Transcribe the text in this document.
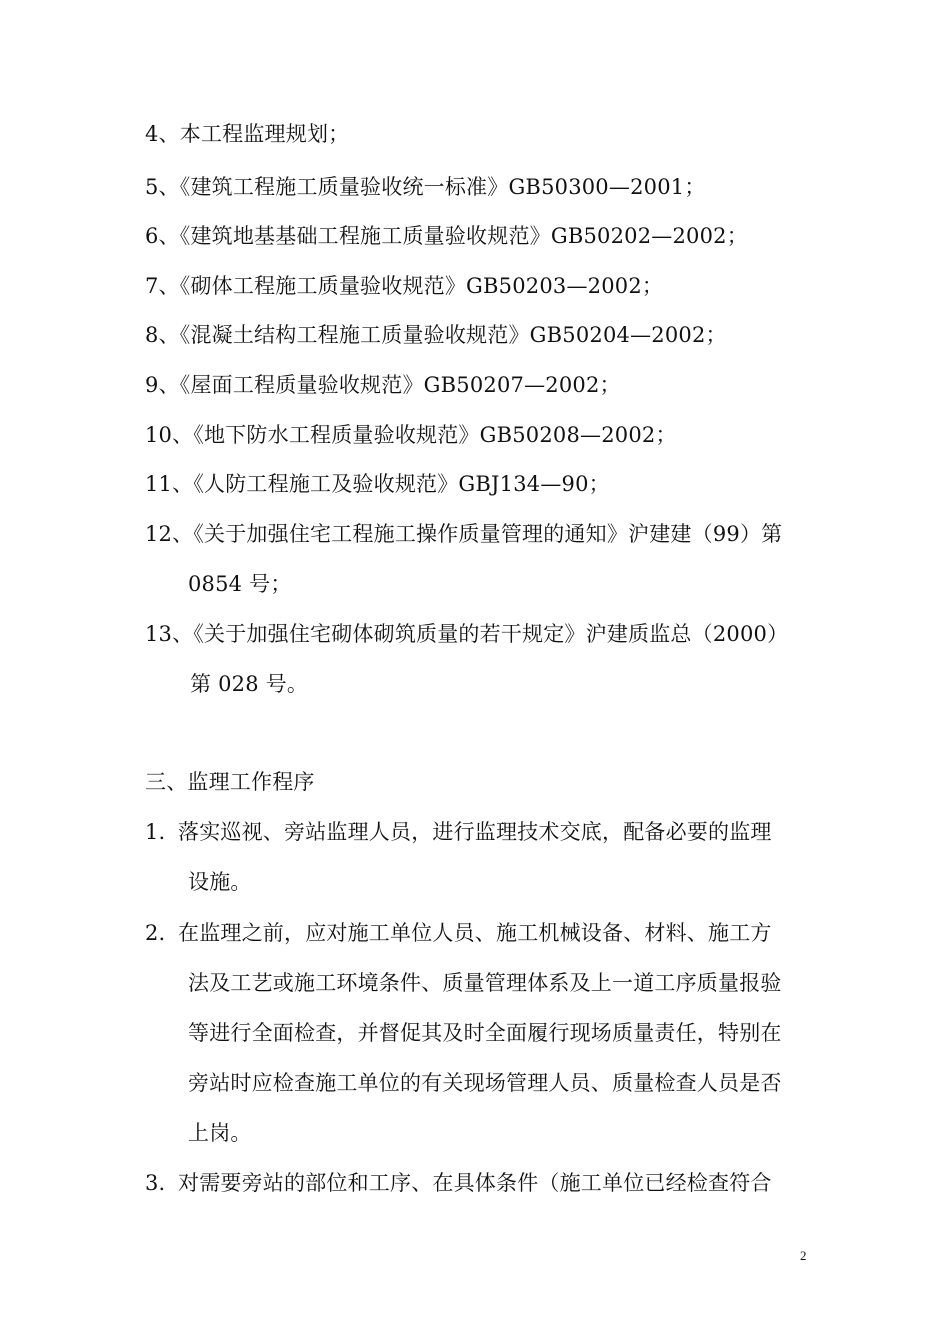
4、本工程监理规划；
5、《建筑工程施工质量验收统一标准》GB50300—2001；
6、《建筑地基基础工程施工质量验收规范》GB50202—2002；
7、《砌体工程施工质量验收规范》GB50203—2002；
8、《混凝土结构工程施工质量验收规范》GB50204—2002；
9、《屋面工程质量验收规范》GB50207—2002；
10、《地下防水工程质量验收规范》GB50208—2002；
11、《人防工程施工及验收规范》GBJ134—90；
12、《关于加强住宅工程施工操作质量管理的通知》沪建建（99）第
0854 号；
13、《关于加强住宅砌体砌筑质量的若干规定》沪建质监总（2000）
第 028 号。
三、监理工作程序
1. 落实巡视、旁站监理人员，进行监理技术交底，配备必要的监理
设施。
2. 在监理之前，应对施工单位人员、施工机械设备、材料、施工方
法及工艺或施工环境条件、质量管理体系及上一道工序质量报验
等进行全面检查，并督促其及时全面履行现场质量责任，特别在
旁站时应检查施工单位的有关现场管理人员、质量检查人员是否
上岗。
3. 对需要旁站的部位和工序、在具体条件（施工单位已经检查符合
2
